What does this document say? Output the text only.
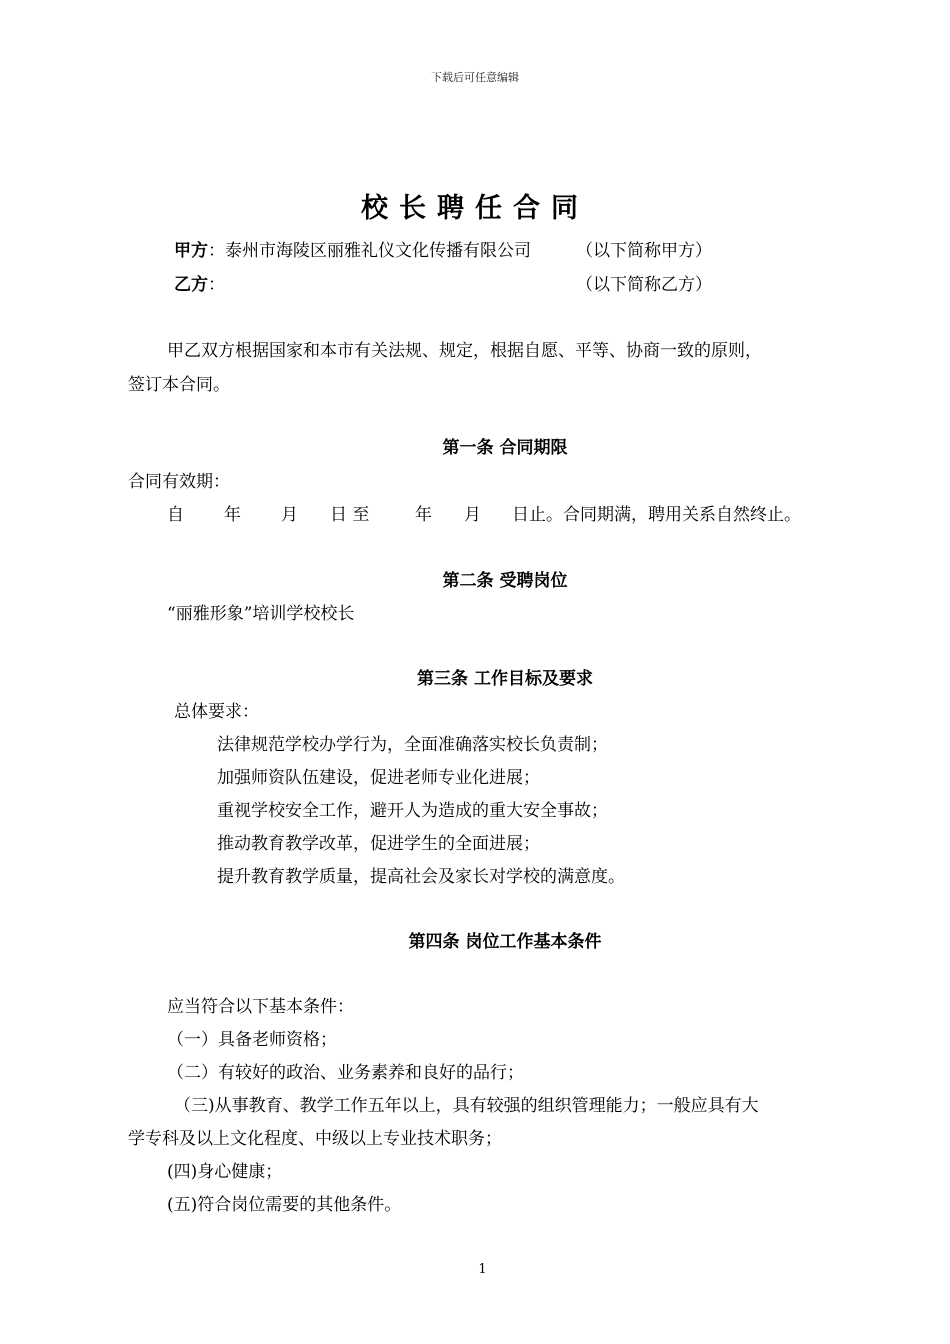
下载后可任意编辑
校长聘任合同
甲方：泰州市海陵区丽雅礼仪文化传播有限公司	（以下简称甲方）
乙方：	（以下简称乙方）
甲乙双方根据国家和本市有关法规、规定，根据自愿、平等、协商一致的原则，
签订本合同。
第一条 合同期限
合同有效期：
自 年 月 日 至	年 月 日止。合同期满，聘用关系自然终止。
第二条 受聘岗位
“丽雅形象”培训学校校长
第三条 工作目标及要求
总体要求：
法律规范学校办学行为，全面准确落实校长负责制；
加强师资队伍建设，促进老师专业化进展；
重视学校安全工作，避开人为造成的重大安全事故；
推动教育教学改革，促进学生的全面进展；
提升教育教学质量，提高社会及家长对学校的满意度。
第四条 岗位工作基本条件
应当符合以下基本条件：
（一）具备老师资格；
（二）有较好的政治、业务素养和良好的品行；
（三)从事教育、教学工作五年以上，具有较强的组织管理能力；一般应具有大
学专科及以上文化程度、中级以上专业技术职务；
(四)身心健康；
(五)符合岗位需要的其他条件。
1
